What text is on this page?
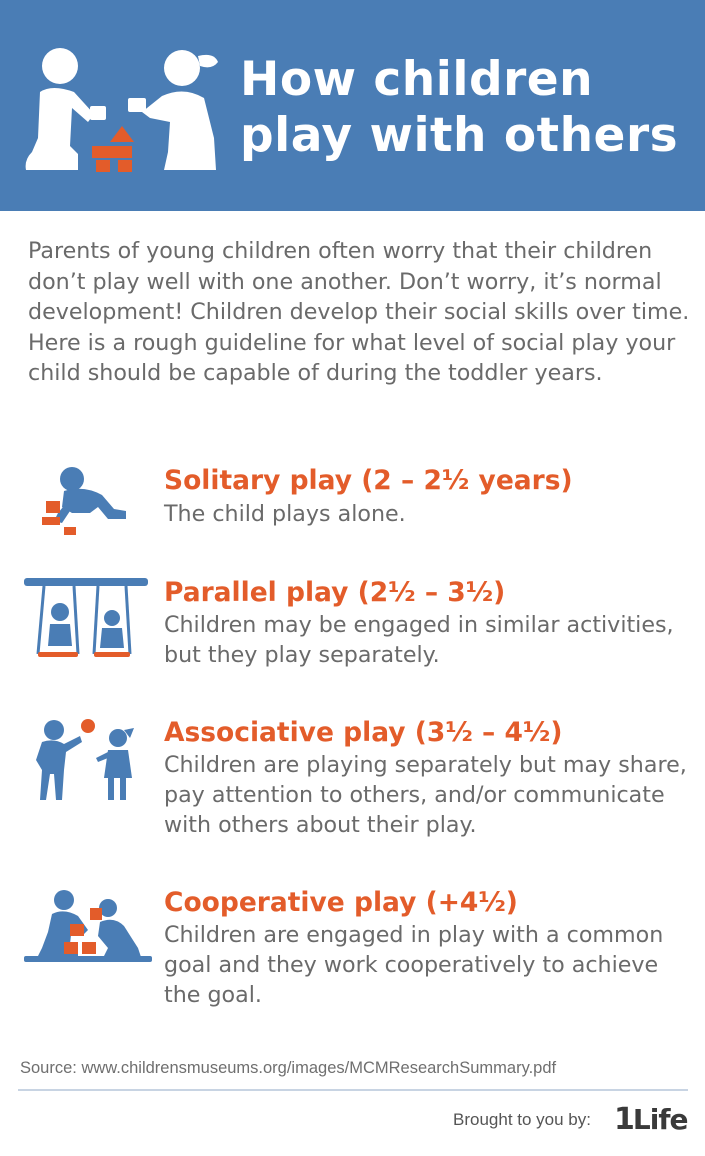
How children
play with others
Parents of young children often worry that their children don’t play well with one another. Don’t worry, it’s normal development! Children develop their social skills over time. Here is a rough guideline for what level of social play your child should be capable of during the toddler years.
Solitary play (2 – 2½ years)
The child plays alone.
Parallel play (2½ – 3½)
Children may be engaged in similar activities, but they play separately.
Associative play (3½ – 4½)
Children are playing separately but may share, pay attention to others, and/or communicate with others about their play.
Cooperative play (+4½)
Children are engaged in play with a common goal and they work cooperatively to achieve the goal.
Source: www.childrensmuseums.org/images/MCMResearchSummary.pdf
Brought to you by: 1Life
